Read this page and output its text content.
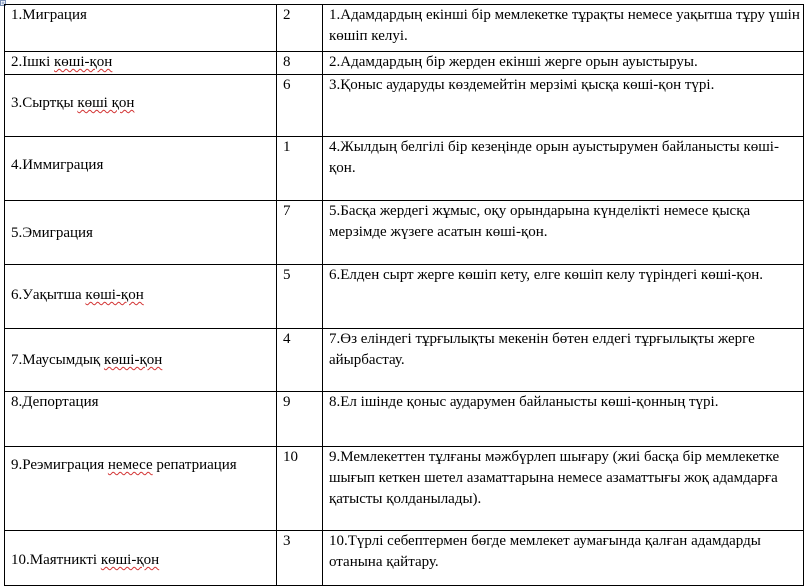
1.Миграция	2	1.Адамдардың екінші бір мемлекетке тұрақты немесе уақытша тұру үшін көшіп келуі.

2.Ішкі көші-қон	8	2.Адамдардың бір жерден екінші жерге орын ауыстыруы.

3.Сыртқы көші қон	6	3.Қоныс аударуды көздемейтін мерзімі қысқа көші-қон түрі.

4.Иммиграция	1	4.Жылдың белгілі бір кезеңінде орын ауыстырумен байланысты көші-қон.

5.Эмиграция	7	5.Басқа жердегі жұмыс, оқу орындарына күнделікті немесе қысқа мерзімде жүзеге асатын көші-қон.

6.Уақытша көші-қон	5	6.Елден сырт жерге көшіп кету, елге көшіп келу түріндегі көші-қон.

7.Маусымдық көші-қон	4	7.Өз еліндегі тұрғылықты мекенін бөтен елдегі тұрғылықты жерге айырбастау.

8.Депортация	9	8.Ел ішінде қоныс аударумен байланысты көші-қонның түрі.

9.Реэмиграция немесе репатриация	10	9.Мемлекеттен тұлғаны мәжбүрлеп шығару (жиі басқа бір мемлекетке шығып кеткен шетел азаматтарына немесе азаматтығы жоқ адамдарға қатысты қолданылады).

10.Маятникті көші-қон	3	10.Түрлі себептермен бөгде мемлекет аумағында қалған адамдарды отанына қайтару.
